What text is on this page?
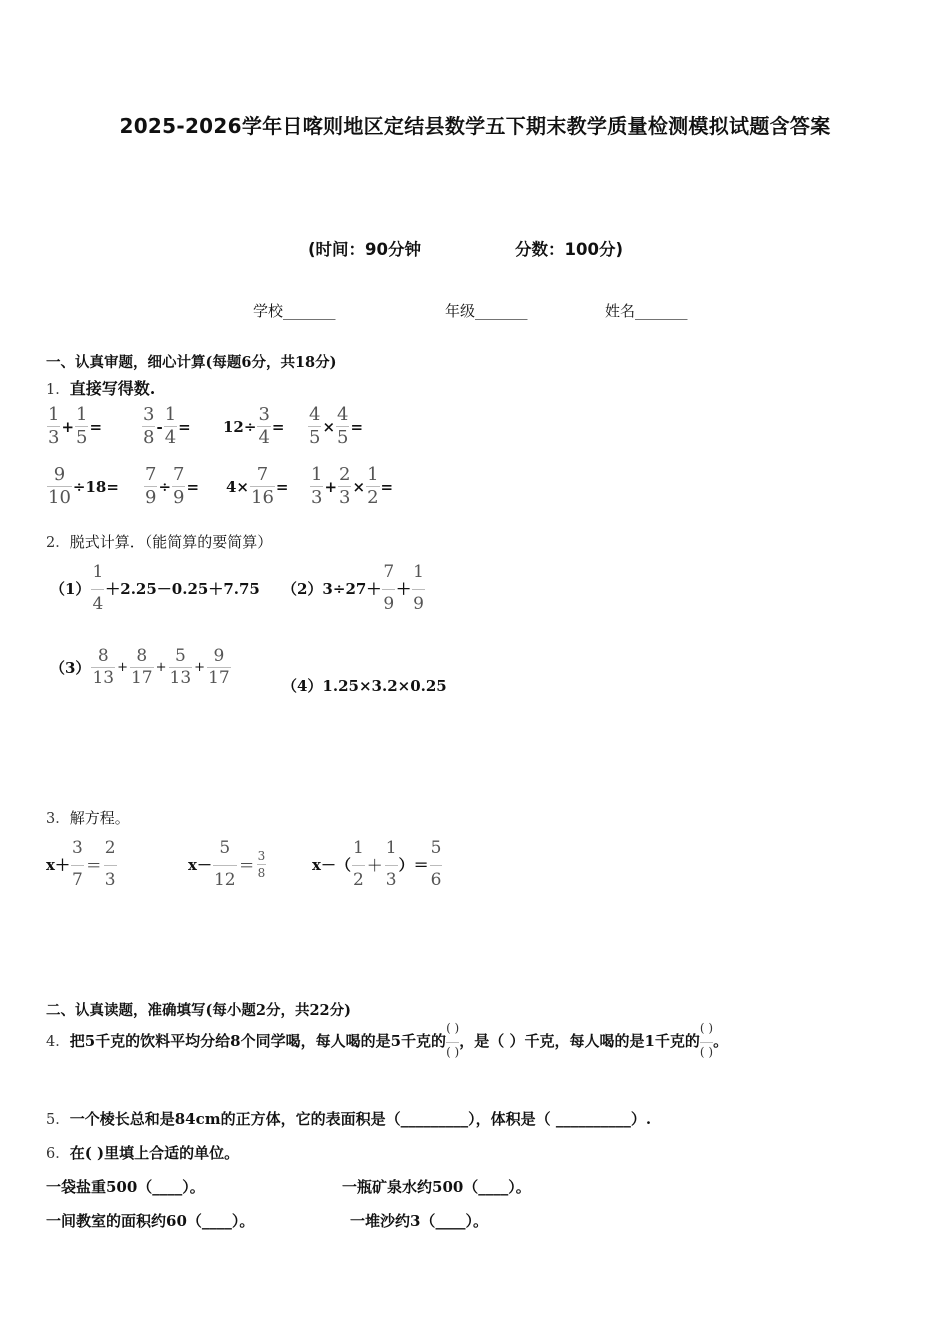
2025-2026学年日喀则地区定结县数学五下期末教学质量检测模拟试题含答案
(时间：90分钟	分数：100分)
学校_______	年级_______	姓名_______
一、认真审题，细心计算(每题6分，共18分)
1．直接写得数.
$\frac{1}{3} + \frac{1}{5} = \frac{3}{8} - \frac{1}{4} = 12\div \frac{3}{4} = \frac{4}{5} \times \frac{4}{5}$ =
$\frac{9}{10} \div 18= \frac{7}{9} \div \frac{7}{9} = 4\times \frac{7}{16} = \frac{1}{3} + \frac{2}{3} \times \frac{1}{2}$ =
2．脱式计算．（能简算的要简算）
$(1) \frac{1}{4} +2.25-0.25+7.75$ $(2)3\div 27+ \frac{7}{9} + \frac{1}{9}$
$(3) \frac{8}{13} + \frac{8}{17} + \frac{5}{13} + \frac{9}{17}$	（4）1.25×3.2×0.25
3．解方程。
$x+ \frac{3}{7} = \frac{2}{3}$	$x- \frac{5}{12} = \frac{3}{8}$	$x-( \frac{1}{2} + \frac{1}{3}$ ）＝ $\frac{5}{6}$
二、认真读题，准确填写(每小题2分，共22分)
4． 把5千克的饮料平均分给8个同学喝，每人喝的是5千克的
( )
( )
，是（ ）千克，每人喝的是1千克的
( )
( )
。
5．一个棱长总和是84cm的正方体，它的表面积是（_________），体积是（ __________）.
6．在( )里填上合适的单位。
一袋盐重500（____）。	一瓶矿泉水约500（____）。
一间教室的面积约60（____）。	一堆沙约3（____）。
